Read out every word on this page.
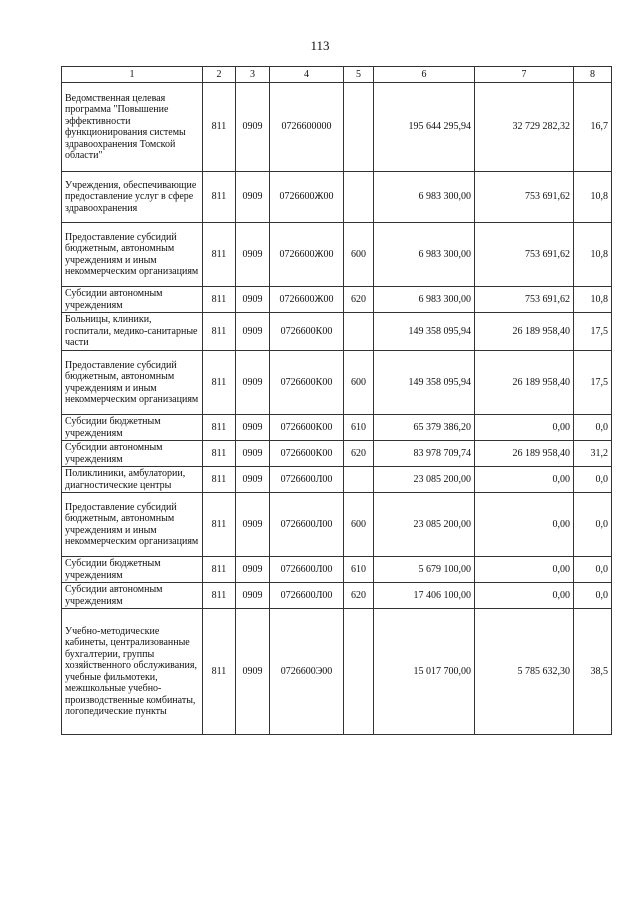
113
1	2	3	4	5	6	7	8
Ведомственная целевая программа "Повышение эффективности функционирования системы здравоохранения Томской области"	811	0909	0726600000		195 644 295,94	32 729 282,32	16,7
Учреждения, обеспечивающие предоставление услуг в сфере здравоохранения	811	0909	0726600Ж00		6 983 300,00	753 691,62	10,8
Предоставление субсидий бюджетным, автономным учреждениям и иным некоммерческим организациям	811	0909	0726600Ж00	600	6 983 300,00	753 691,62	10,8
Субсидии автономным учреждениям	811	0909	0726600Ж00	620	6 983 300,00	753 691,62	10,8
Больницы, клиники, госпитали, медико-санитарные части	811	0909	0726600К00		149 358 095,94	26 189 958,40	17,5
Предоставление субсидий бюджетным, автономным учреждениям и иным некоммерческим организациям	811	0909	0726600К00	600	149 358 095,94	26 189 958,40	17,5
Субсидии бюджетным учреждениям	811	0909	0726600К00	610	65 379 386,20	0,00	0,0
Субсидии автономным учреждениям	811	0909	0726600К00	620	83 978 709,74	26 189 958,40	31,2
Поликлиники, амбулатории, диагностические центры	811	0909	0726600Л00		23 085 200,00	0,00	0,0
Предоставление субсидий бюджетным, автономным учреждениям и иным некоммерческим организациям	811	0909	0726600Л00	600	23 085 200,00	0,00	0,0
Субсидии бюджетным учреждениям	811	0909	0726600Л00	610	5 679 100,00	0,00	0,0
Субсидии автономным учреждениям	811	0909	0726600Л00	620	17 406 100,00	0,00	0,0
Учебно-методические кабинеты, централизованные бухгалтерии, группы хозяйственного обслуживания, учебные фильмотеки, межшкольные учебно-производственные комбинаты, логопедические пункты	811	0909	0726600Э00		15 017 700,00	5 785 632,30	38,5
